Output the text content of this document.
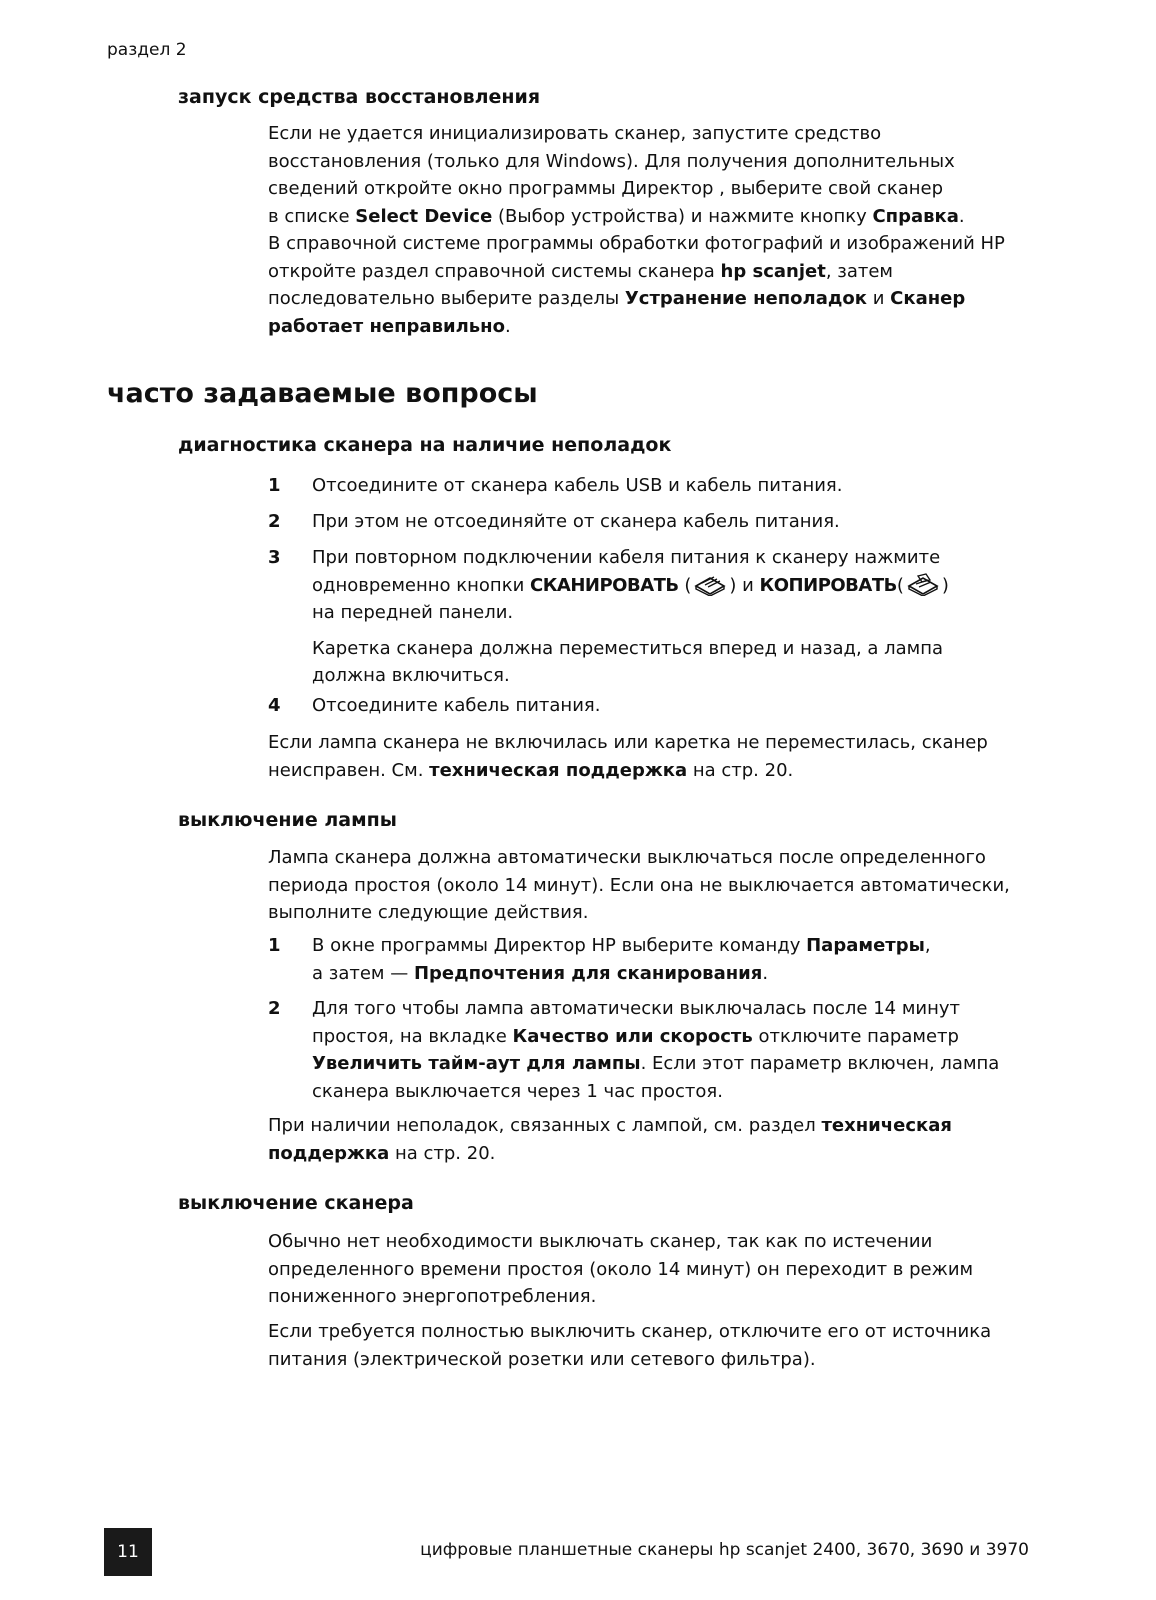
раздел 2
запуск средства восстановления
Если не удается инициализировать сканер, запустите средство
восстановления (только для Windows). Для получения дополнительных
сведений откройте окно программы Директор , выберите свой сканер
в списке Select Device (Выбор устройства) и нажмите кнопку Справка.
В справочной системе программы обработки фотографий и изображений HP
откройте раздел справочной системы сканера hp scanjet, затем
последовательно выберите разделы Устранение неполадок и Сканер
работает неправильно.
часто задаваемые вопросы
диагностика сканера на наличие неполадок
1 Отсоедините от сканера кабель USB и кабель питания.
2 При этом не отсоединяйте от сканера кабель питания.
3 При повторном подключении кабеля питания к сканеру нажмите
одновременно кнопки СКАНИРОВАТЬ ( ) и КОПИРОВАТЬ( )
на передней панели.
Каретка сканера должна переместиться вперед и назад, а лампа
должна включиться.
4 Отсоедините кабель питания.
Если лампа сканера не включилась или каретка не переместилась, сканер
неисправен. См. техническая поддержка на стр. 20.
выключение лампы
Лампа сканера должна автоматически выключаться после определенного
периода простоя (около 14 минут). Если она не выключается автоматически,
выполните следующие действия.
1 В окне программы Директор HP выберите команду Параметры,
а затем — Предпочтения для сканирования.
2 Для того чтобы лампа автоматически выключалась после 14 минут
простоя, на вкладке Качество или скорость отключите параметр
Увеличить тайм-аут для лампы. Если этот параметр включен, лампа
сканера выключается через 1 час простоя.
При наличии неполадок, связанных с лампой, см. раздел техническая
поддержка на стр. 20.
выключение сканера
Обычно нет необходимости выключать сканер, так как по истечении
определенного времени простоя (около 14 минут) он переходит в режим
пониженного энергопотребления.
Если требуется полностью выключить сканер, отключите его от источника
питания (электрической розетки или сетевого фильтра).
11	цифровые планшетные сканеры hp scanjet 2400, 3670, 3690 и 3970
